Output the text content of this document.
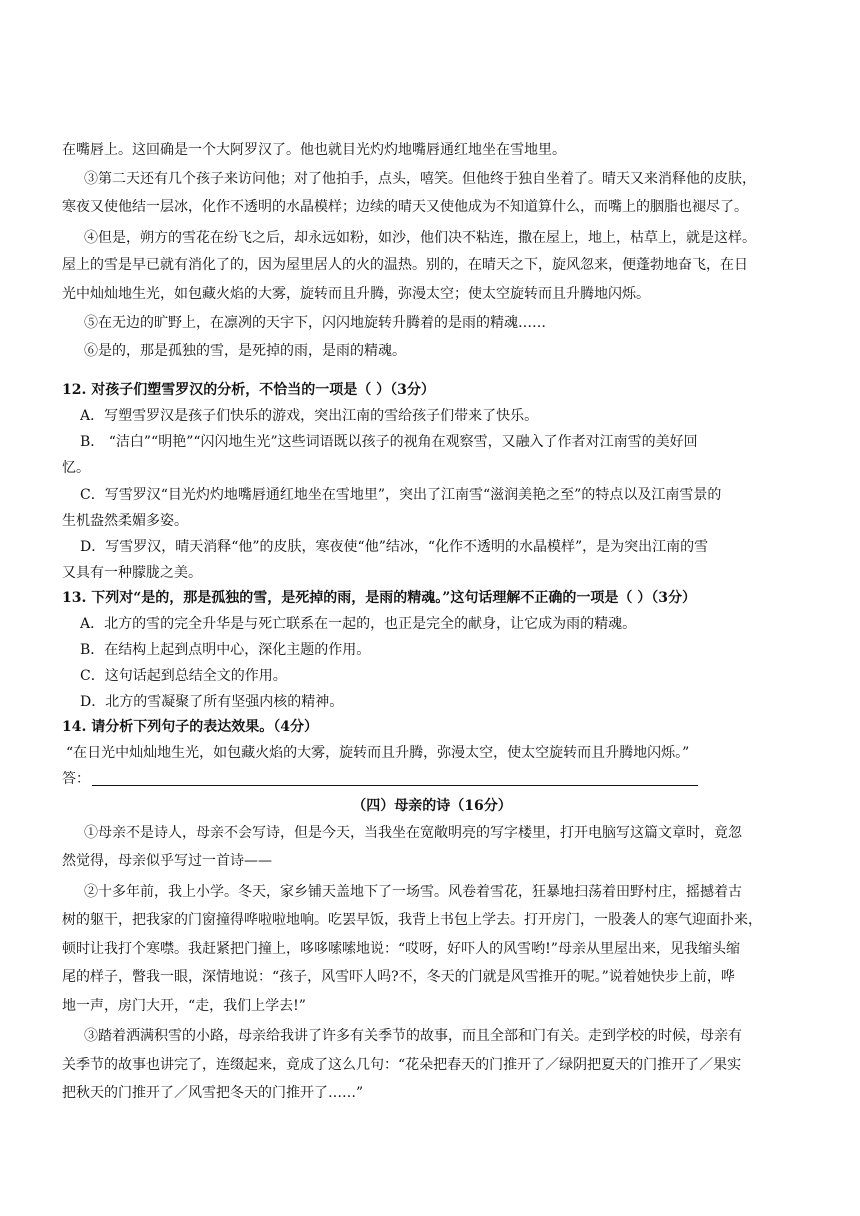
在嘴唇上。这回确是一个大阿罗汉了。他也就目光灼灼地嘴唇通红地坐在雪地里。
③第二天还有几个孩子来访问他；对了他拍手，点头，嘻笑。但他终于独自坐着了。晴天又来消释他的皮肤，
寒夜又使他结一层冰，化作不透明的水晶模样；边续的晴天又使他成为不知道算什么，而嘴上的胭脂也褪尽了。
④但是，朔方的雪花在纷飞之后，却永远如粉，如沙，他们决不粘连，撒在屋上，地上，枯草上，就是这样。
屋上的雪是早已就有消化了的，因为屋里居人的火的温热。别的，在晴天之下，旋风忽来，便蓬勃地奋飞，在日
光中灿灿地生光，如包藏火焰的大雾，旋转而且升腾，弥漫太空；使太空旋转而且升腾地闪烁。
⑤在无边的旷野上，在凛冽的天宇下，闪闪地旋转升腾着的是雨的精魂……
⑥是的，那是孤独的雪，是死掉的雨，是雨的精魂。
12. 对孩子们塑雪罗汉的分析，不恰当的一项是（ ）（3分）
A．写塑雪罗汉是孩子们快乐的游戏，突出江南的雪给孩子们带来了快乐。
B． “洁白”“明艳”“闪闪地生光”这些词语既以孩子的视角在观察雪，又融入了作者对江南雪的美好回
忆。
C．写雪罗汉“目光灼灼地嘴唇通红地坐在雪地里”，突出了江南雪“滋润美艳之至”的特点以及江南雪景的
生机盎然柔媚多姿。
D．写雪罗汉，晴天消释“他”的皮肤，寒夜使“他”结冰，“化作不透明的水晶模样”，是为突出江南的雪
又具有一种朦胧之美。
13. 下列对“是的，那是孤独的雪，是死掉的雨，是雨的精魂。”这句话理解不正确的一项是（ ）（3分）
A．北方的雪的完全升华是与死亡联系在一起的，也正是完全的献身，让它成为雨的精魂。
B．在结构上起到点明中心，深化主题的作用。
C．这句话起到总结全文的作用。
D．北方的雪凝聚了所有坚强内核的精神。
14. 请分析下列句子的表达效果。（4分）
“在日光中灿灿地生光，如包藏火焰的大雾，旋转而且升腾，弥漫太空，使太空旋转而且升腾地闪烁。”
答：
（四）母亲的诗（16分）
①母亲不是诗人，母亲不会写诗，但是今天，当我坐在宽敞明亮的写字楼里，打开电脑写这篇文章时，竟忽
然觉得，母亲似乎写过一首诗——
②十多年前，我上小学。冬天，家乡铺天盖地下了一场雪。风卷着雪花，狂暴地扫荡着田野村庄，摇撼着古
树的躯干，把我家的门窗撞得哗啦啦地响。吃罢早饭，我背上书包上学去。打开房门，一股袭人的寒气迎面扑来，
顿时让我打个寒噤。我赶紧把门撞上，哆哆嗦嗦地说：“哎呀，好吓人的风雪哟!”母亲从里屋出来，见我缩头缩
尾的样子，瞥我一眼，深情地说：“孩子，风雪吓人吗?不，冬天的门就是风雪推开的呢。”说着她快步上前，哗
地一声，房门大开，“走，我们上学去!”
③踏着洒满积雪的小路，母亲给我讲了许多有关季节的故事，而且全部和门有关。走到学校的时候，母亲有
关季节的故事也讲完了，连缀起来，竟成了这么几句：“花朵把春天的门推开了／绿阴把夏天的门推开了／果实
把秋天的门推开了／风雪把冬天的门推开了……”
